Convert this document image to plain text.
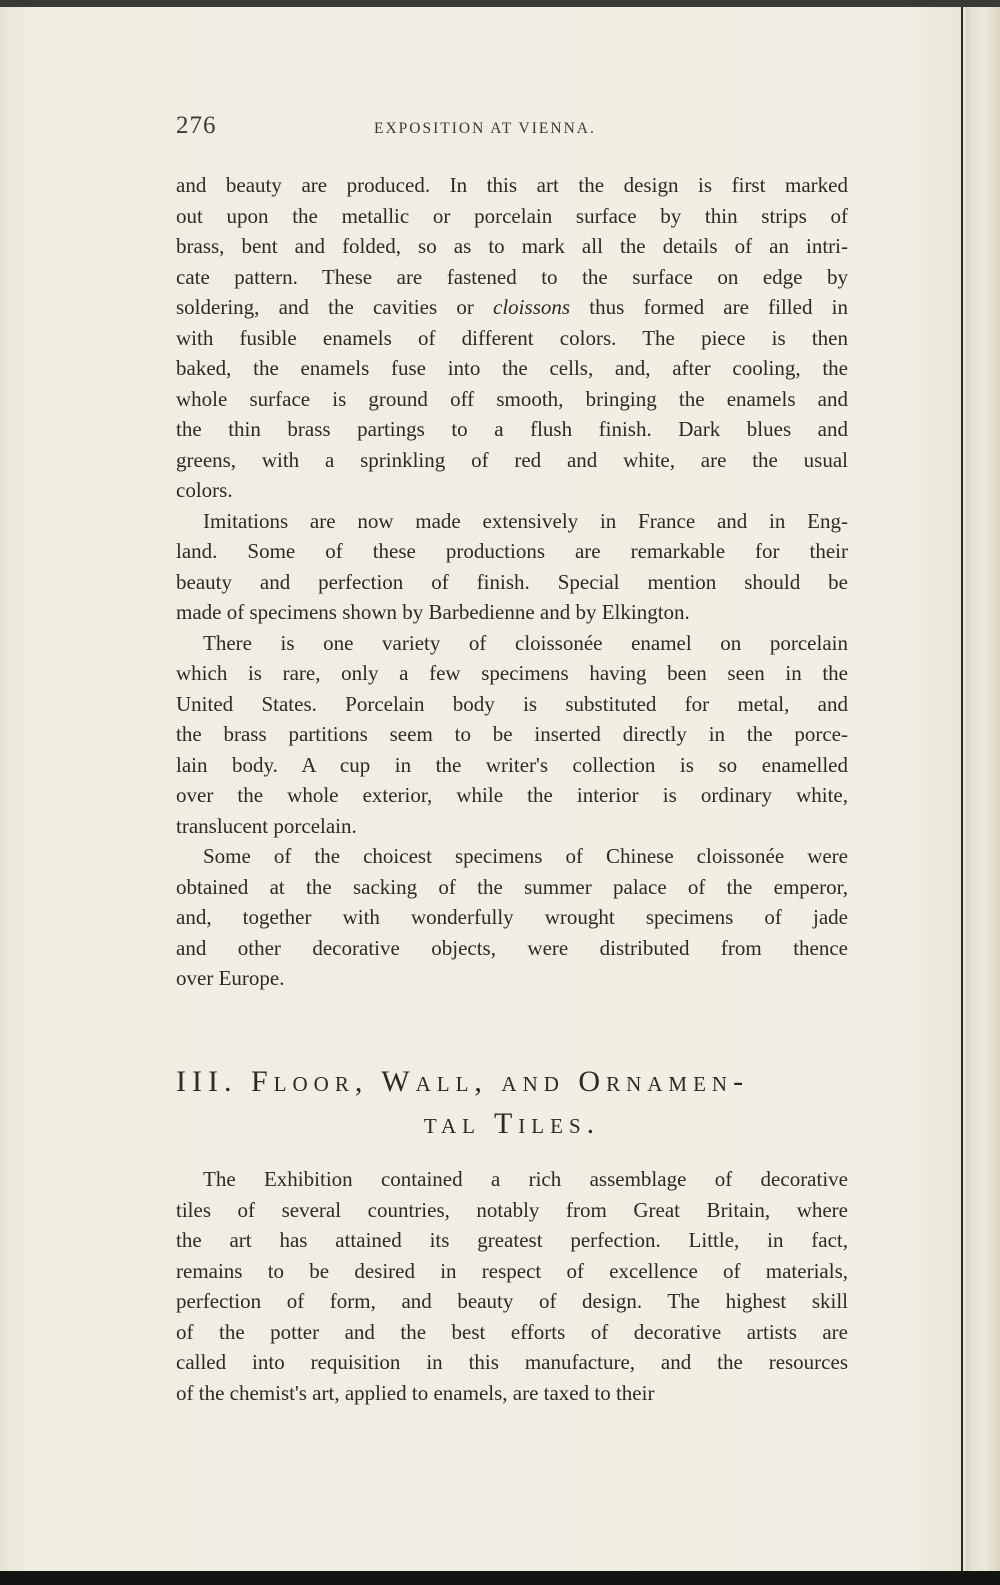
276	EXPOSITION AT VIENNA.

and beauty are produced. In this art the design is first marked
out upon the metallic or porcelain surface by thin strips of
brass, bent and folded, so as to mark all the details of an intri-
cate pattern. These are fastened to the surface on edge by
soldering, and the cavities or cloissons thus formed are filled in
with fusible enamels of different colors. The piece is then
baked, the enamels fuse into the cells, and, after cooling, the
whole surface is ground off smooth, bringing the enamels and
the thin brass partings to a flush finish. Dark blues and
greens, with a sprinkling of red and white, are the usual
colors.

Imitations are now made extensively in France and in Eng-
land. Some of these productions are remarkable for their
beauty and perfection of finish. Special mention should be
made of specimens shown by Barbedienne and by Elkington.

There is one variety of cloissonée enamel on porcelain
which is rare, only a few specimens having been seen in the
United States. Porcelain body is substituted for metal, and
the brass partitions seem to be inserted directly in the porce-
lain body. A cup in the writer's collection is so enamelled
over the whole exterior, while the interior is ordinary white,
translucent porcelain.

Some of the choicest specimens of Chinese cloissonée were
obtained at the sacking of the summer palace of the emperor,
and, together with wonderfully wrought specimens of jade
and other decorative objects, were distributed from thence
over Europe.

III. Floor, Wall, and Ornamen-
tal Tiles.

The Exhibition contained a rich assemblage of decorative
tiles of several countries, notably from Great Britain, where
the art has attained its greatest perfection. Little, in fact,
remains to be desired in respect of excellence of materials,
perfection of form, and beauty of design. The highest skill
of the potter and the best efforts of decorative artists are
called into requisition in this manufacture, and the resources
of the chemist's art, applied to enamels, are taxed to their
